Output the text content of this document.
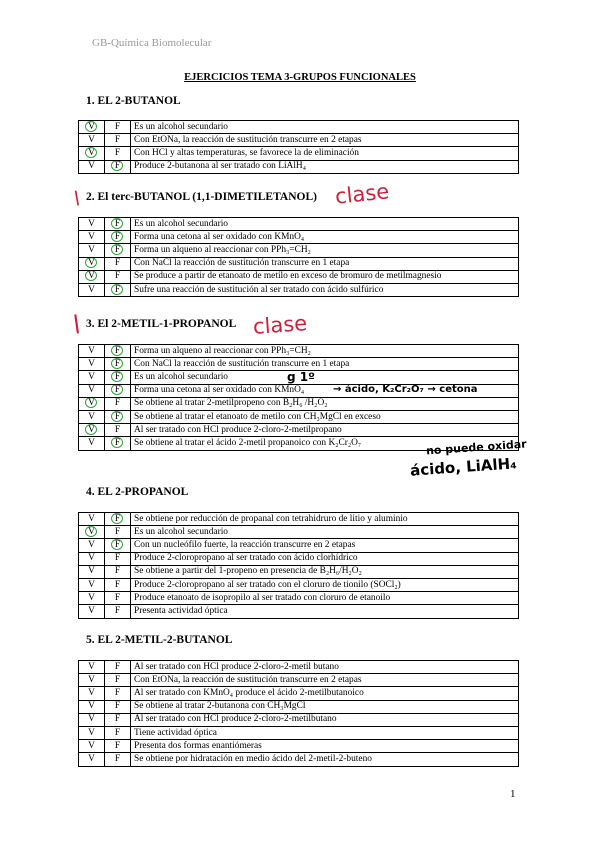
GB-Química Biomolecular
EJERCICIOS TEMA 3-GRUPOS FUNCIONALES
1. EL 2-BUTANOL
V	F	Es un alcohol secundario
V	F	Con EtONa, la reacción de sustitución transcurre en 2 etapas
V	F	Con HCl y altas temperaturas, se favorece la de eliminación
V	F	Produce 2-butanona al ser tratado con LiAlH₄
2. El terc-BUTANOL (1,1-DIMETILETANOL)
V	F	Es un alcohol secundario
V	F	Forma una cetona al ser oxidado con KMnO₄
V	F	Forma un alqueno al reaccionar con PPh₃=CH₂
V	F	Con NaCl la reacción de sustitución transcurre en 1 etapa
V	F	Se produce a partir de etanoato de metilo en exceso de bromuro de metilmagnesio
V	F	Sufre una reacción de sustitución al ser tratado con ácido sulfúrico
3. El 2-METIL-1-PROPANOL
V	F	Forma un alqueno al reaccionar con PPh₃=CH₂
V	F	Con NaCl la reacción de sustitución transcurre en 1 etapa
V	F	Es un alcohol secundario
V	F	Forma una cetona al ser oxidado con KMnO₄
V	F	Se obtiene al tratar 2-metilpropeno con B₂H₆ /H₂O₂
V	F	Se obtiene al tratar el etanoato de metilo con CH₃MgCl en exceso
V	F	Al ser tratado con HCl produce 2-cloro-2-metilpropano
V	F	Se obtiene al tratar el ácido 2-metil propanoico con K₂Cr₂O₇
4. EL 2-PROPANOL
V	F	Se obtiene por reducción de propanal con tetrahidruro de litio y aluminio
V	F	Es un alcohol secundario
V	F	Con un nucleófilo fuerte, la reacción transcurre en 2 etapas
V	F	Produce 2-cloropropano al ser tratado con ácido clorhídrico
V	F	Se obtiene a partir del 1-propeno en presencia de B₂H₆/H₂O₂
V	F	Produce 2-cloropropano al ser tratado con el cloruro de tionilo (SOCl₂)
V	F	Produce etanoato de isopropilo al ser tratado con cloruro de etanoilo
V	F	Presenta actividad óptica
5. EL 2-METIL-2-BUTANOL
V	F	Al ser tratado con HCl produce 2-cloro-2-metil butano
V	F	Con EtONa, la reacción de sustitución transcurre en 2 etapas
V	F	Al ser tratado con KMnO₄ produce el ácido 2-metilbutanoico
V	F	Se obtiene al tratar 2-butanona con CH₃MgCl
V	F	Al ser tratado con HCl produce 2-cloro-2-metilbutano
V	F	Tiene actividad óptica
V	F	Presenta dos formas enantiómeras
V	F	Se obtiene por hidratación en medio ácido del 2-metil-2-buteno
|	clase
|	clase
g 1º
→ ácido, K₂Cr₂O₇ → cetona
no puede oxidar
ácido, LiAlH₄
1
